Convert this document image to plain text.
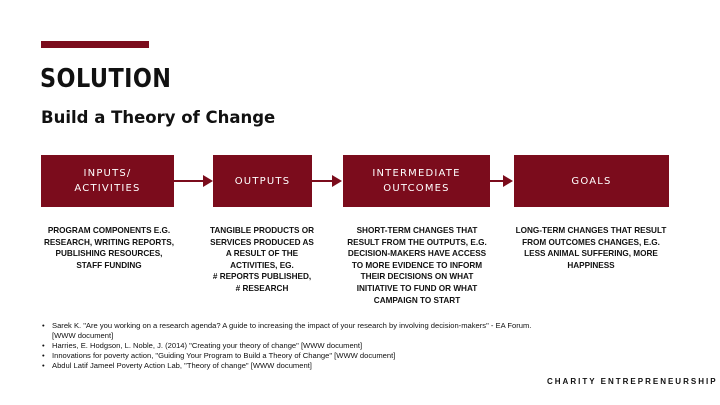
SOLUTION
Build a Theory of Change
INPUTS/
ACTIVITIES
OUTPUTS
INTERMEDIATE
OUTCOMES
GOALS
PROGRAM COMPONENTS E.G.
RESEARCH, WRITING REPORTS,
PUBLISHING RESOURCES,
STAFF FUNDING
TANGIBLE PRODUCTS OR
SERVICES PRODUCED AS
A RESULT OF THE
ACTIVITIES, EG.
# REPORTS PUBLISHED,
# RESEARCH
SHORT-TERM CHANGES THAT
RESULT FROM THE OUTPUTS, E.G.
DECISION-MAKERS HAVE ACCESS
TO MORE EVIDENCE TO INFORM
THEIR DECISIONS ON WHAT
INITIATIVE TO FUND OR WHAT
CAMPAIGN TO START
LONG-TERM CHANGES THAT RESULT
FROM OUTCOMES CHANGES, E.G.
LESS ANIMAL SUFFERING, MORE
HAPPINESS
• Sarek K. "Are you working on a research agenda? A guide to increasing the impact of your research by involving decision-makers" - EA Forum.
[WWW document]
• Harries, E. Hodgson, L. Noble, J. (2014) "Creating your theory of change" [WWW document]
• Innovations for poverty action, "Guiding Your Program to Build a Theory of Change" [WWW document]
• Abdul Latif Jameel Poverty Action Lab, "Theory of change" [WWW document]
CHARITY ENTREPRENEURSHIP
